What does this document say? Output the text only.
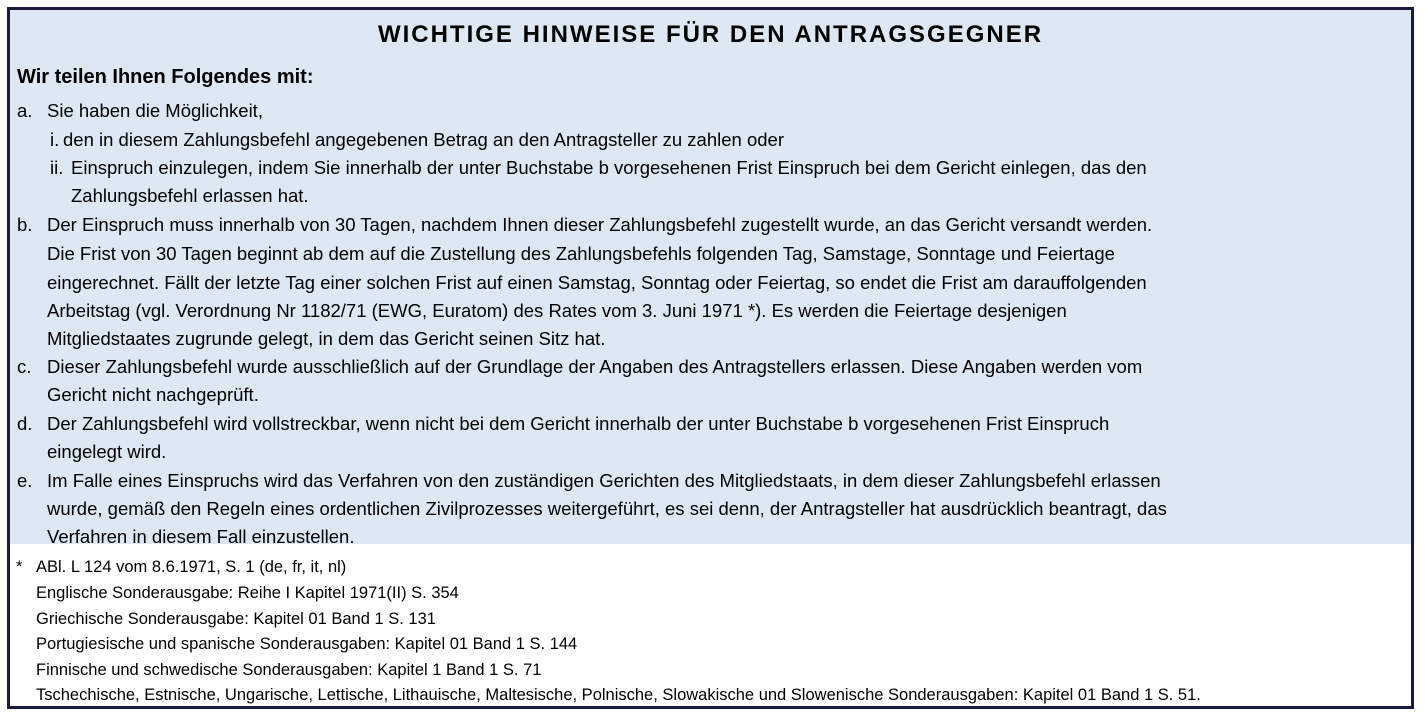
WICHTIGE HINWEISE FÜR DEN ANTRAGSGEGNER
Wir teilen Ihnen Folgendes mit:
a. Sie haben die Möglichkeit,
i. den in diesem Zahlungsbefehl angegebenen Betrag an den Antragsteller zu zahlen oder
ii. Einspruch einzulegen, indem Sie innerhalb der unter Buchstabe b vorgesehenen Frist Einspruch bei dem Gericht einlegen, das den
Zahlungsbefehl erlassen hat.
b. Der Einspruch muss innerhalb von 30 Tagen, nachdem Ihnen dieser Zahlungsbefehl zugestellt wurde, an das Gericht versandt werden.
Die Frist von 30 Tagen beginnt ab dem auf die Zustellung des Zahlungsbefehls folgenden Tag, Samstage, Sonntage und Feiertage
eingerechnet. Fällt der letzte Tag einer solchen Frist auf einen Samstag, Sonntag oder Feiertag, so endet die Frist am darauffolgenden
Arbeitstag (vgl. Verordnung Nr 1182/71 (EWG, Euratom) des Rates vom 3. Juni 1971 *). Es werden die Feiertage desjenigen
Mitgliedstaates zugrunde gelegt, in dem das Gericht seinen Sitz hat.
c. Dieser Zahlungsbefehl wurde ausschließlich auf der Grundlage der Angaben des Antragstellers erlassen. Diese Angaben werden vom
Gericht nicht nachgeprüft.
d. Der Zahlungsbefehl wird vollstreckbar, wenn nicht bei dem Gericht innerhalb der unter Buchstabe b vorgesehenen Frist Einspruch
eingelegt wird.
e. Im Falle eines Einspruchs wird das Verfahren von den zuständigen Gerichten des Mitgliedstaats, in dem dieser Zahlungsbefehl erlassen
wurde, gemäß den Regeln eines ordentlichen Zivilprozesses weitergeführt, es sei denn, der Antragsteller hat ausdrücklich beantragt, das
Verfahren in diesem Fall einzustellen.
* ABl. L 124 vom 8.6.1971, S. 1 (de, fr, it, nl)
Englische Sonderausgabe: Reihe I Kapitel 1971(II) S. 354
Griechische Sonderausgabe: Kapitel 01 Band 1 S. 131
Portugiesische und spanische Sonderausgaben: Kapitel 01 Band 1 S. 144
Finnische und schwedische Sonderausgaben: Kapitel 1 Band 1 S. 71
Tschechische, Estnische, Ungarische, Lettische, Lithauische, Maltesische, Polnische, Slowakische und Slowenische Sonderausgaben: Kapitel 01 Band 1 S. 51.
